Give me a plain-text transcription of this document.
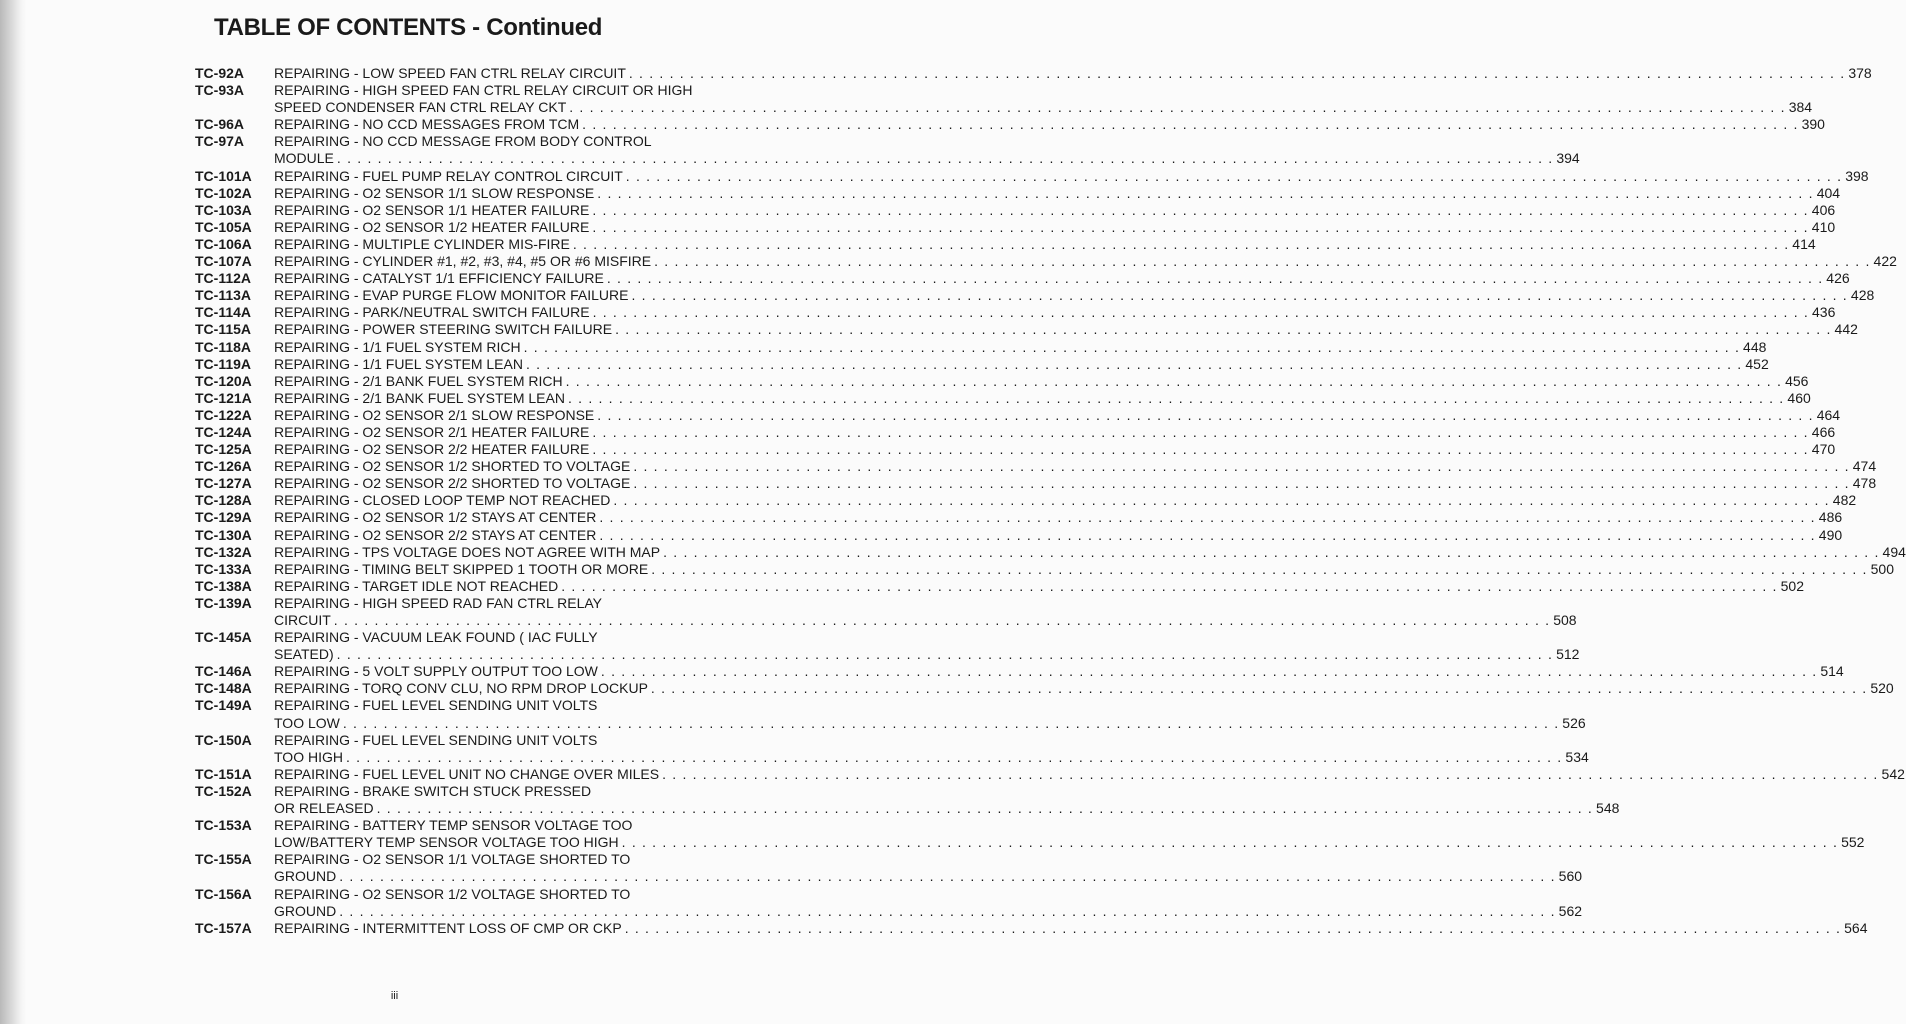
TABLE OF CONTENTS - Continued
TC-92A	REPAIRING - LOW SPEED FAN CTRL RELAY CIRCUIT . . . . . . . . . . . . . . . . . . . . . . . . . . . . . . . . . . . . . . . . . . . . . . . . . . . . . . . . . . . . . . . . . . . . . . . . . . . . . . . . . . . . . . . . . . . . . . . . . . . . . . . . . . . . . . . . . . . . . . . . 378
TC-93A	REPAIRING - HIGH SPEED FAN CTRL RELAY CIRCUIT OR HIGH
SPEED CONDENSER FAN CTRL RELAY CKT . . . . . . . . . . . . . . . . . . . . . . . . . . . . . . . . . . . . . . . . . . . . . . . . . . . . . . . . . . . . . . . . . . . . . . . . . . . . . . . . . . . . . . . . . . . . . . . . . . . . . . . . . . . . . . . . . . . . . . . . 384
TC-96A	REPAIRING - NO CCD MESSAGES FROM TCM . . . . . . . . . . . . . . . . . . . . . . . . . . . . . . . . . . . . . . . . . . . . . . . . . . . . . . . . . . . . . . . . . . . . . . . . . . . . . . . . . . . . . . . . . . . . . . . . . . . . . . . . . . . . . . . . . . . . . . . . 390
TC-97A	REPAIRING - NO CCD MESSAGE FROM BODY CONTROL
MODULE . . . . . . . . . . . . . . . . . . . . . . . . . . . . . . . . . . . . . . . . . . . . . . . . . . . . . . . . . . . . . . . . . . . . . . . . . . . . . . . . . . . . . . . . . . . . . . . . . . . . . . . . . . . . . . . . . . . . . . . . 394
TC-101A	REPAIRING - FUEL PUMP RELAY CONTROL CIRCUIT . . . . . . . . . . . . . . . . . . . . . . . . . . . . . . . . . . . . . . . . . . . . . . . . . . . . . . . . . . . . . . . . . . . . . . . . . . . . . . . . . . . . . . . . . . . . . . . . . . . . . . . . . . . . . . . . . . . . . . . . 398
TC-102A	REPAIRING - O2 SENSOR 1/1 SLOW RESPONSE . . . . . . . . . . . . . . . . . . . . . . . . . . . . . . . . . . . . . . . . . . . . . . . . . . . . . . . . . . . . . . . . . . . . . . . . . . . . . . . . . . . . . . . . . . . . . . . . . . . . . . . . . . . . . . . . . . . . . . . . 404
TC-103A	REPAIRING - O2 SENSOR 1/1 HEATER FAILURE . . . . . . . . . . . . . . . . . . . . . . . . . . . . . . . . . . . . . . . . . . . . . . . . . . . . . . . . . . . . . . . . . . . . . . . . . . . . . . . . . . . . . . . . . . . . . . . . . . . . . . . . . . . . . . . . . . . . . . . . 406
TC-105A	REPAIRING - O2 SENSOR 1/2 HEATER FAILURE . . . . . . . . . . . . . . . . . . . . . . . . . . . . . . . . . . . . . . . . . . . . . . . . . . . . . . . . . . . . . . . . . . . . . . . . . . . . . . . . . . . . . . . . . . . . . . . . . . . . . . . . . . . . . . . . . . . . . . . . 410
TC-106A	REPAIRING - MULTIPLE CYLINDER MIS-FIRE . . . . . . . . . . . . . . . . . . . . . . . . . . . . . . . . . . . . . . . . . . . . . . . . . . . . . . . . . . . . . . . . . . . . . . . . . . . . . . . . . . . . . . . . . . . . . . . . . . . . . . . . . . . . . . . . . . . . . . . . 414
TC-107A	REPAIRING - CYLINDER #1, #2, #3, #4, #5 OR #6 MISFIRE . . . . . . . . . . . . . . . . . . . . . . . . . . . . . . . . . . . . . . . . . . . . . . . . . . . . . . . . . . . . . . . . . . . . . . . . . . . . . . . . . . . . . . . . . . . . . . . . . . . . . . . . . . . . . . . . . . . . . . . . 422
TC-112A	REPAIRING - CATALYST 1/1 EFFICIENCY FAILURE . . . . . . . . . . . . . . . . . . . . . . . . . . . . . . . . . . . . . . . . . . . . . . . . . . . . . . . . . . . . . . . . . . . . . . . . . . . . . . . . . . . . . . . . . . . . . . . . . . . . . . . . . . . . . . . . . . . . . . . . 426
TC-113A	REPAIRING - EVAP PURGE FLOW MONITOR FAILURE . . . . . . . . . . . . . . . . . . . . . . . . . . . . . . . . . . . . . . . . . . . . . . . . . . . . . . . . . . . . . . . . . . . . . . . . . . . . . . . . . . . . . . . . . . . . . . . . . . . . . . . . . . . . . . . . . . . . . . . . 428
TC-114A	REPAIRING - PARK/NEUTRAL SWITCH FAILURE . . . . . . . . . . . . . . . . . . . . . . . . . . . . . . . . . . . . . . . . . . . . . . . . . . . . . . . . . . . . . . . . . . . . . . . . . . . . . . . . . . . . . . . . . . . . . . . . . . . . . . . . . . . . . . . . . . . . . . . . 436
TC-115A	REPAIRING - POWER STEERING SWITCH FAILURE . . . . . . . . . . . . . . . . . . . . . . . . . . . . . . . . . . . . . . . . . . . . . . . . . . . . . . . . . . . . . . . . . . . . . . . . . . . . . . . . . . . . . . . . . . . . . . . . . . . . . . . . . . . . . . . . . . . . . . . . 442
TC-118A	REPAIRING - 1/1 FUEL SYSTEM RICH . . . . . . . . . . . . . . . . . . . . . . . . . . . . . . . . . . . . . . . . . . . . . . . . . . . . . . . . . . . . . . . . . . . . . . . . . . . . . . . . . . . . . . . . . . . . . . . . . . . . . . . . . . . . . . . . . . . . . . . . 448
TC-119A	REPAIRING - 1/1 FUEL SYSTEM LEAN . . . . . . . . . . . . . . . . . . . . . . . . . . . . . . . . . . . . . . . . . . . . . . . . . . . . . . . . . . . . . . . . . . . . . . . . . . . . . . . . . . . . . . . . . . . . . . . . . . . . . . . . . . . . . . . . . . . . . . . . 452
TC-120A	REPAIRING - 2/1 BANK FUEL SYSTEM RICH . . . . . . . . . . . . . . . . . . . . . . . . . . . . . . . . . . . . . . . . . . . . . . . . . . . . . . . . . . . . . . . . . . . . . . . . . . . . . . . . . . . . . . . . . . . . . . . . . . . . . . . . . . . . . . . . . . . . . . . . 456
TC-121A	REPAIRING - 2/1 BANK FUEL SYSTEM LEAN . . . . . . . . . . . . . . . . . . . . . . . . . . . . . . . . . . . . . . . . . . . . . . . . . . . . . . . . . . . . . . . . . . . . . . . . . . . . . . . . . . . . . . . . . . . . . . . . . . . . . . . . . . . . . . . . . . . . . . . . 460
TC-122A	REPAIRING - O2 SENSOR 2/1 SLOW RESPONSE . . . . . . . . . . . . . . . . . . . . . . . . . . . . . . . . . . . . . . . . . . . . . . . . . . . . . . . . . . . . . . . . . . . . . . . . . . . . . . . . . . . . . . . . . . . . . . . . . . . . . . . . . . . . . . . . . . . . . . . . 464
TC-124A	REPAIRING - O2 SENSOR 2/1 HEATER FAILURE . . . . . . . . . . . . . . . . . . . . . . . . . . . . . . . . . . . . . . . . . . . . . . . . . . . . . . . . . . . . . . . . . . . . . . . . . . . . . . . . . . . . . . . . . . . . . . . . . . . . . . . . . . . . . . . . . . . . . . . . 466
TC-125A	REPAIRING - O2 SENSOR 2/2 HEATER FAILURE . . . . . . . . . . . . . . . . . . . . . . . . . . . . . . . . . . . . . . . . . . . . . . . . . . . . . . . . . . . . . . . . . . . . . . . . . . . . . . . . . . . . . . . . . . . . . . . . . . . . . . . . . . . . . . . . . . . . . . . . 470
TC-126A	REPAIRING - O2 SENSOR 1/2 SHORTED TO VOLTAGE . . . . . . . . . . . . . . . . . . . . . . . . . . . . . . . . . . . . . . . . . . . . . . . . . . . . . . . . . . . . . . . . . . . . . . . . . . . . . . . . . . . . . . . . . . . . . . . . . . . . . . . . . . . . . . . . . . . . . . . . 474
TC-127A	REPAIRING - O2 SENSOR 2/2 SHORTED TO VOLTAGE . . . . . . . . . . . . . . . . . . . . . . . . . . . . . . . . . . . . . . . . . . . . . . . . . . . . . . . . . . . . . . . . . . . . . . . . . . . . . . . . . . . . . . . . . . . . . . . . . . . . . . . . . . . . . . . . . . . . . . . . 478
TC-128A	REPAIRING - CLOSED LOOP TEMP NOT REACHED . . . . . . . . . . . . . . . . . . . . . . . . . . . . . . . . . . . . . . . . . . . . . . . . . . . . . . . . . . . . . . . . . . . . . . . . . . . . . . . . . . . . . . . . . . . . . . . . . . . . . . . . . . . . . . . . . . . . . . . . 482
TC-129A	REPAIRING - O2 SENSOR 1/2 STAYS AT CENTER . . . . . . . . . . . . . . . . . . . . . . . . . . . . . . . . . . . . . . . . . . . . . . . . . . . . . . . . . . . . . . . . . . . . . . . . . . . . . . . . . . . . . . . . . . . . . . . . . . . . . . . . . . . . . . . . . . . . . . . . 486
TC-130A	REPAIRING - O2 SENSOR 2/2 STAYS AT CENTER . . . . . . . . . . . . . . . . . . . . . . . . . . . . . . . . . . . . . . . . . . . . . . . . . . . . . . . . . . . . . . . . . . . . . . . . . . . . . . . . . . . . . . . . . . . . . . . . . . . . . . . . . . . . . . . . . . . . . . . . 490
TC-132A	REPAIRING - TPS VOLTAGE DOES NOT AGREE WITH MAP . . . . . . . . . . . . . . . . . . . . . . . . . . . . . . . . . . . . . . . . . . . . . . . . . . . . . . . . . . . . . . . . . . . . . . . . . . . . . . . . . . . . . . . . . . . . . . . . . . . . . . . . . . . . . . . . . . . . . . . . 494
TC-133A	REPAIRING - TIMING BELT SKIPPED 1 TOOTH OR MORE . . . . . . . . . . . . . . . . . . . . . . . . . . . . . . . . . . . . . . . . . . . . . . . . . . . . . . . . . . . . . . . . . . . . . . . . . . . . . . . . . . . . . . . . . . . . . . . . . . . . . . . . . . . . . . . . . . . . . . . . 500
TC-138A	REPAIRING - TARGET IDLE NOT REACHED . . . . . . . . . . . . . . . . . . . . . . . . . . . . . . . . . . . . . . . . . . . . . . . . . . . . . . . . . . . . . . . . . . . . . . . . . . . . . . . . . . . . . . . . . . . . . . . . . . . . . . . . . . . . . . . . . . . . . . . . 502
TC-139A	REPAIRING - HIGH SPEED RAD FAN CTRL RELAY
CIRCUIT . . . . . . . . . . . . . . . . . . . . . . . . . . . . . . . . . . . . . . . . . . . . . . . . . . . . . . . . . . . . . . . . . . . . . . . . . . . . . . . . . . . . . . . . . . . . . . . . . . . . . . . . . . . . . . . . . . . . . . . . 508
TC-145A	REPAIRING - VACUUM LEAK FOUND ( IAC FULLY
SEATED) . . . . . . . . . . . . . . . . . . . . . . . . . . . . . . . . . . . . . . . . . . . . . . . . . . . . . . . . . . . . . . . . . . . . . . . . . . . . . . . . . . . . . . . . . . . . . . . . . . . . . . . . . . . . . . . . . . . . . . . . 512
TC-146A	REPAIRING - 5 VOLT SUPPLY OUTPUT TOO LOW . . . . . . . . . . . . . . . . . . . . . . . . . . . . . . . . . . . . . . . . . . . . . . . . . . . . . . . . . . . . . . . . . . . . . . . . . . . . . . . . . . . . . . . . . . . . . . . . . . . . . . . . . . . . . . . . . . . . . . . . 514
TC-148A	REPAIRING - TORQ CONV CLU, NO RPM DROP LOCKUP . . . . . . . . . . . . . . . . . . . . . . . . . . . . . . . . . . . . . . . . . . . . . . . . . . . . . . . . . . . . . . . . . . . . . . . . . . . . . . . . . . . . . . . . . . . . . . . . . . . . . . . . . . . . . . . . . . . . . . . . 520
TC-149A	REPAIRING - FUEL LEVEL SENDING UNIT VOLTS
TOO LOW . . . . . . . . . . . . . . . . . . . . . . . . . . . . . . . . . . . . . . . . . . . . . . . . . . . . . . . . . . . . . . . . . . . . . . . . . . . . . . . . . . . . . . . . . . . . . . . . . . . . . . . . . . . . . . . . . . . . . . . . 526
TC-150A	REPAIRING - FUEL LEVEL SENDING UNIT VOLTS
TOO HIGH . . . . . . . . . . . . . . . . . . . . . . . . . . . . . . . . . . . . . . . . . . . . . . . . . . . . . . . . . . . . . . . . . . . . . . . . . . . . . . . . . . . . . . . . . . . . . . . . . . . . . . . . . . . . . . . . . . . . . . . . 534
TC-151A	REPAIRING - FUEL LEVEL UNIT NO CHANGE OVER MILES . . . . . . . . . . . . . . . . . . . . . . . . . . . . . . . . . . . . . . . . . . . . . . . . . . . . . . . . . . . . . . . . . . . . . . . . . . . . . . . . . . . . . . . . . . . . . . . . . . . . . . . . . . . . . . . . . . . . . . . . 542
TC-152A	REPAIRING - BRAKE SWITCH STUCK PRESSED
OR RELEASED . . . . . . . . . . . . . . . . . . . . . . . . . . . . . . . . . . . . . . . . . . . . . . . . . . . . . . . . . . . . . . . . . . . . . . . . . . . . . . . . . . . . . . . . . . . . . . . . . . . . . . . . . . . . . . . . . . . . . . . . 548
TC-153A	REPAIRING - BATTERY TEMP SENSOR VOLTAGE TOO
LOW/BATTERY TEMP SENSOR VOLTAGE TOO HIGH . . . . . . . . . . . . . . . . . . . . . . . . . . . . . . . . . . . . . . . . . . . . . . . . . . . . . . . . . . . . . . . . . . . . . . . . . . . . . . . . . . . . . . . . . . . . . . . . . . . . . . . . . . . . . . . . . . . . . . . . 552
TC-155A	REPAIRING - O2 SENSOR 1/1 VOLTAGE SHORTED TO
GROUND . . . . . . . . . . . . . . . . . . . . . . . . . . . . . . . . . . . . . . . . . . . . . . . . . . . . . . . . . . . . . . . . . . . . . . . . . . . . . . . . . . . . . . . . . . . . . . . . . . . . . . . . . . . . . . . . . . . . . . . . 560
TC-156A	REPAIRING - O2 SENSOR 1/2 VOLTAGE SHORTED TO
GROUND . . . . . . . . . . . . . . . . . . . . . . . . . . . . . . . . . . . . . . . . . . . . . . . . . . . . . . . . . . . . . . . . . . . . . . . . . . . . . . . . . . . . . . . . . . . . . . . . . . . . . . . . . . . . . . . . . . . . . . . . 562
TC-157A	REPAIRING - INTERMITTENT LOSS OF CMP OR CKP . . . . . . . . . . . . . . . . . . . . . . . . . . . . . . . . . . . . . . . . . . . . . . . . . . . . . . . . . . . . . . . . . . . . . . . . . . . . . . . . . . . . . . . . . . . . . . . . . . . . . . . . . . . . . . . . . . . . . . . . 564
iii
